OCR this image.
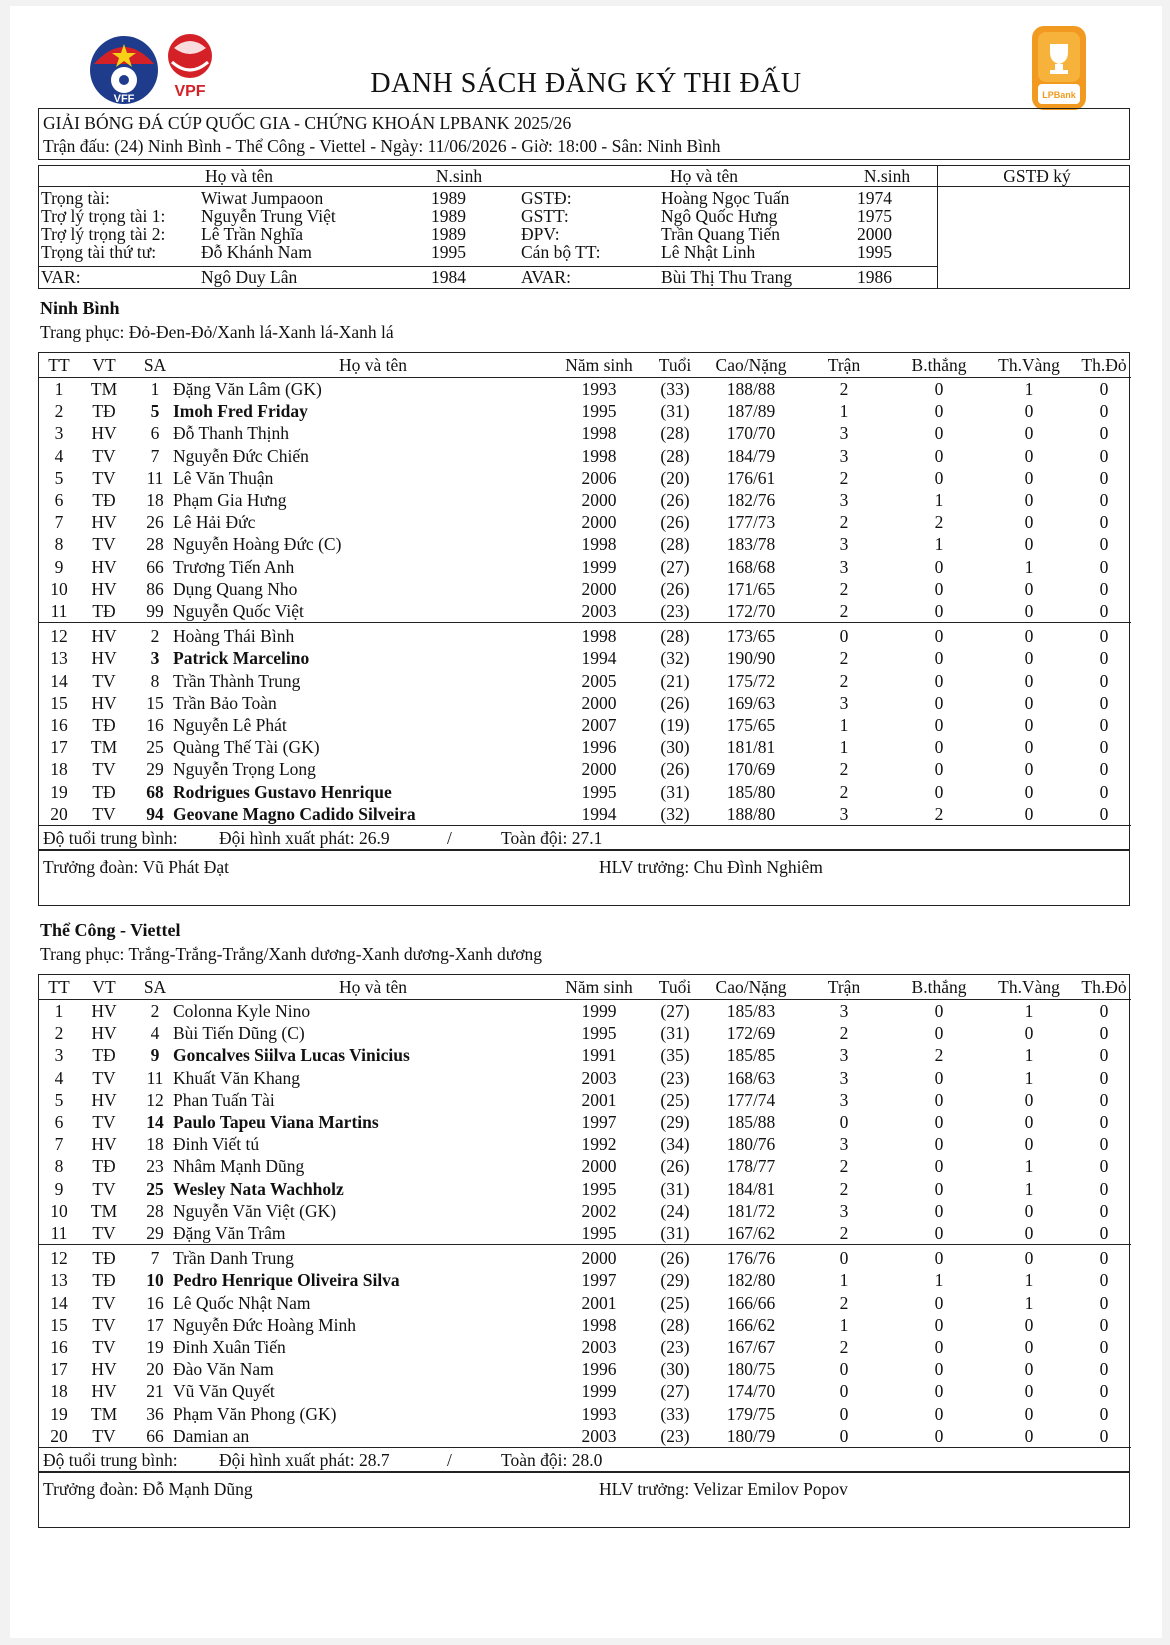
VFF	VPF	LPBank
DANH SÁCH ĐĂNG KÝ THI ĐẤU
GIẢI BÓNG ĐÁ CÚP QUỐC GIA - CHỨNG KHOÁN LPBANK 2025/26
Trận đấu: (24) Ninh Bình - Thể Công - Viettel - Ngày: 11/06/2026 - Giờ: 18:00 - Sân: Ninh Bình
Họ và tên	N.sinh	Họ và tên	N.sinh	GSTĐ ký
Trọng tài:	Wiwat Jumpaoon	1989	GSTĐ:	Hoàng Ngọc Tuấn	1974
Trợ lý trọng tài 1: Nguyễn Trung Việt	1989	GSTT:	Ngô Quốc Hưng	1975
Trợ lý trọng tài 2: Lê Trần Nghĩa	1989	ĐPV:	Trần Quang Tiến	2000
Trọng tài thứ tư:	Đỗ Khánh Nam	1995	Cán bộ TT:	Lê Nhật Linh	1995
VAR:	Ngô Duy Lân	1984	AVAR:	Bùi Thị Thu Trang	1986
Ninh Bình
Trang phục: Đỏ-Đen-Đỏ/Xanh lá-Xanh lá-Xanh lá
TT	VT	SA	Họ và tên	Năm sinh	Tuổi	Cao/Nặng	Trận	B.thắng	Th.Vàng	Th.Đỏ
1	TM	1 Đặng Văn Lâm (GK)	1993	(33)	188/88	2	0	1	0
2	TĐ	5 Imoh Fred Friday	1995	(31)	187/89	1	0	0	0
3	HV	6 Đỗ Thanh Thịnh	1998	(28)	170/70	3	0	0	0
4	TV	7 Nguyễn Đức Chiến	1998	(28)	184/79	3	0	0	0
5	TV	11 Lê Văn Thuận	2006	(20)	176/61	2	0	0	0
6	TĐ	18 Phạm Gia Hưng	2000	(26)	182/76	3	1	0	0
7	HV	26 Lê Hải Đức	2000	(26)	177/73	2	2	0	0
8	TV	28 Nguyễn Hoàng Đức (C)	1998	(28)	183/78	3	1	0	0
9	HV	66 Trương Tiến Anh	1999	(27)	168/68	3	0	1	0
10	HV	86 Dụng Quang Nho	2000	(26)	171/65	2	0	0	0
11	TĐ	99 Nguyễn Quốc Việt	2003	(23)	172/70	2	0	0	0
12	HV	2 Hoàng Thái Bình	1998	(28)	173/65	0	0	0	0
13	HV	3 Patrick Marcelino	1994	(32)	190/90	2	0	0	0
14	TV	8 Trần Thành Trung	2005	(21)	175/72	2	0	0	0
15	HV	15 Trần Bảo Toàn	2000	(26)	169/63	3	0	0	0
16	TĐ	16 Nguyễn Lê Phát	2007	(19)	175/65	1	0	0	0
17	TM	25 Quàng Thế Tài (GK)	1996	(30)	181/81	1	0	0	0
18	TV	29 Nguyễn Trọng Long	2000	(26)	170/69	2	0	0	0
19	TĐ	68 Rodrigues Gustavo Henrique	1995	(31)	185/80	2	0	0	0
20	TV	94 Geovane Magno Cadido Silveira	1994	(32)	188/80	3	2	0	0
Độ tuổi trung bình: Đội hình xuất phát: 26.9	/	Toàn đội: 27.1
Trưởng đoàn: Vũ Phát Đạt	HLV trưởng: Chu Đình Nghiêm
Thể Công - Viettel
Trang phục: Trắng-Trắng-Trắng/Xanh dương-Xanh dương-Xanh dương
TT	VT	SA	Họ và tên	Năm sinh	Tuổi	Cao/Nặng	Trận	B.thắng	Th.Vàng	Th.Đỏ
1	HV	2 Colonna Kyle Nino	1999	(27)	185/83	3	0	1	0
2	HV	4 Bùi Tiến Dũng (C)	1995	(31)	172/69	2	0	0	0
3	TĐ	9 Goncalves Siilva Lucas Vinicius	1991	(35)	185/85	3	2	1	0
4	TV	11 Khuất Văn Khang	2003	(23)	168/63	3	0	1	0
5	HV	12 Phan Tuấn Tài	2001	(25)	177/74	3	0	0	0
6	TV	14 Paulo Tapeu Viana Martins	1997	(29)	185/88	0	0	0	0
7	HV	18 Đinh Viết tú	1992	(34)	180/76	3	0	0	0
8	TĐ	23 Nhâm Mạnh Dũng	2000	(26)	178/77	2	0	1	0
9	TV	25 Wesley Nata Wachholz	1995	(31)	184/81	2	0	1	0
10	TM	28 Nguyễn Văn Việt (GK)	2002	(24)	181/72	3	0	0	0
11	TV	29 Đặng Văn Trâm	1995	(31)	167/62	2	0	0	0
12	TĐ	7 Trần Danh Trung	2000	(26)	176/76	0	0	0	0
13	TĐ	10 Pedro Henrique Oliveira Silva	1997	(29)	182/80	1	1	1	0
14	TV	16 Lê Quốc Nhật Nam	2001	(25)	166/66	2	0	1	0
15	TV	17 Nguyễn Đức Hoàng Minh	1998	(28)	166/62	1	0	0	0
16	TV	19 Đinh Xuân Tiến	2003	(23)	167/67	2	0	0	0
17	HV	20 Đào Văn Nam	1996	(30)	180/75	0	0	0	0
18	HV	21 Vũ Văn Quyết	1999	(27)	174/70	0	0	0	0
19	TM	36 Phạm Văn Phong (GK)	1993	(33)	179/75	0	0	0	0
20	TV	66 Damian an	2003	(23)	180/79	0	0	0	0
Độ tuổi trung bình: Đội hình xuất phát: 28.7	/	Toàn đội: 28.0
Trưởng đoàn: Đỗ Mạnh Dũng	HLV trưởng: Velizar Emilov Popov
